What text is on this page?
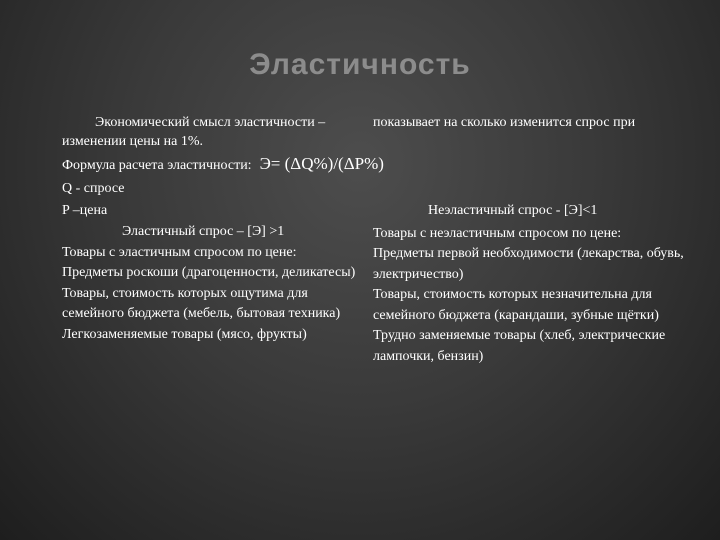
Эластичность
Экономический смысл эластичности –	показывает на сколько изменится спрос при
изменении цены на 1%.
Формула расчета эластичности: Э= (ΔQ%)/(ΔP%)
Q - спросе
P –цена

Эластичный спрос – [Э] >1

Товары с эластичным спросом по цене:

Предметы роскоши (драгоценности, деликатесы)

Товары, стоимость которых ощутима для семейного бюджета (мебель, бытовая техника)

Легкозаменяемые товары (мясо, фрукты)

Неэластичный спрос - [Э]<1

Товары с неэластичным спросом по цене:

Предметы первой необходимости (лекарства, обувь, электричество)

Товары, стоимость которых незначительна для семейного бюджета (карандаши, зубные щётки)

Трудно заменяемые товары (хлеб, электрические лампочки, бензин)
